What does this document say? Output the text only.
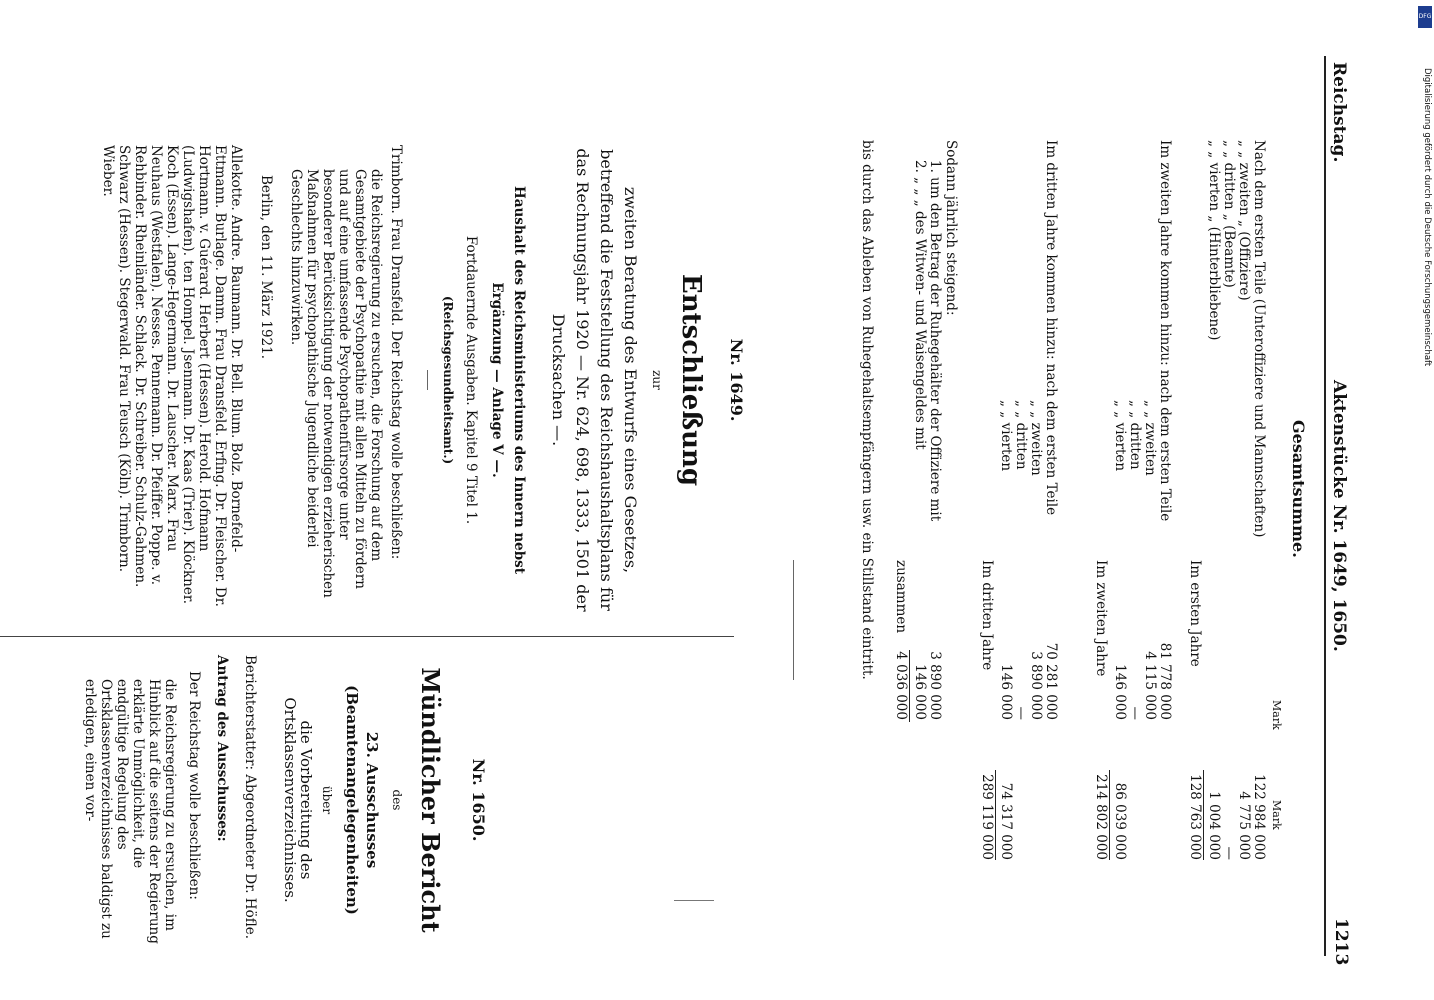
Reichstag.
Aktenstücke Nr. 1649, 1650.
1213
Gesamtsumme.
Mark
Mark
Nach dem ersten Teile (Unteroffiziere und Mannschaften)
122 984 000
„ „ zweiten „ (Offiziere)
4 775 000
„ „ dritten „ (Beamte)
—
„ „ vierten „ (Hinterbliebene)
1 004 000
Im ersten Jahre
128 763 000
Im zweiten Jahre kommen hinzu: nach dem ersten Teile
81 778 000
„ „ zweiten
4 115 000
„ „ dritten
—
„ „ vierten
146 000
86 039 000
Im zweiten Jahre
214 802 000
Im dritten Jahre kommen hinzu: nach dem ersten Teile
70 281 000
„ „ zweiten
3 890 000
„ „ dritten
—
„ „ vierten
146 000
74 317 000
Im dritten Jahre
289 119 000
Sodann jährlich steigend:
1. um den Betrag der Ruhegehälter der Offiziere mit
3 890 000
2. „ „ „ des Witwen- und Waisengeldes mit
146 000
zusammen
4 036 000
bis durch das Ableben von Ruhegehaltsempfängern usw. ein Stillstand eintritt.
Nr. 1649.
Entschließung
zur
zweiten Beratung des Entwurfs eines Gesetzes, betreffend die Feststellung des Reichshaushaltsplans für das Rechnungsjahr 1920 — Nr. 624, 698, 1333, 1501 der Drucksachen —.
Haushalt des Reichsministeriums des Innern nebst Ergänzung — Anlage V —.
Fortdauernde Ausgaben. Kapitel 9 Titel 1.
(Reichsgesundheitsamt.)
Trimborn. Frau Dransfeld. Der Reichstag wolle beschließen:
die Reichsregierung zu ersuchen, die Forschung auf dem Gesamtgebiete der Psychopathie mit allen Mitteln zu fördern und auf eine umfassende Psychopathenfürsorge unter besonderer Berücksichtigung der notwendigen erzieherischen Maßnahmen für psychopathische Jugendliche beiderlei Geschlechts hinzuwirken.
Berlin, den 11. März 1921.
Allekotte. Andre. Baumann. Dr. Bell. Blum. Bolz. Bornefeld-Ettmann. Burlage. Damm. Frau Dransfeld. Erfing. Dr. Fleischer. Dr. Hortmann. v. Guérard. Herbert (Hessen). Herold. Hofmann (Ludwigshafen). ten Hompel. Jsenmann. Dr. Kaas (Trier). Klöckner. Koch (Essen). Lange-Hegermann. Dr. Lauscher. Marx. Frau Neuhaus (Westfalen). Nesses. Pennemann. Dr. Pfeiffer. Poppe. v. Rehbinder. Rheinländer. Schlack. Dr. Schreiber. Schulz-Gahmen. Schwarz (Hessen). Stegerwald. Frau Teusch (Köln). Trimborn. Wieber.
Nr. 1650.
Mündlicher Bericht
des
23. Ausschusses (Beamtenangelegenheiten)
über
die Vorbereitung des Ortsklassenverzeichnisses.
Berichterstatter: Abgeordneter Dr. Höfle.
Antrag des Ausschusses:
Der Reichstag wolle beschließen:
die Reichsregierung zu ersuchen, im Hinblick auf die seitens der Regierung erklärte Unmöglichkeit, die endgültige Regelung des Ortsklassenverzeichnisses baldigst zu erledigen, einen vor-
DFG
Digitalisierung gefördert durch die Deutsche Forschungsgemeinschaft
